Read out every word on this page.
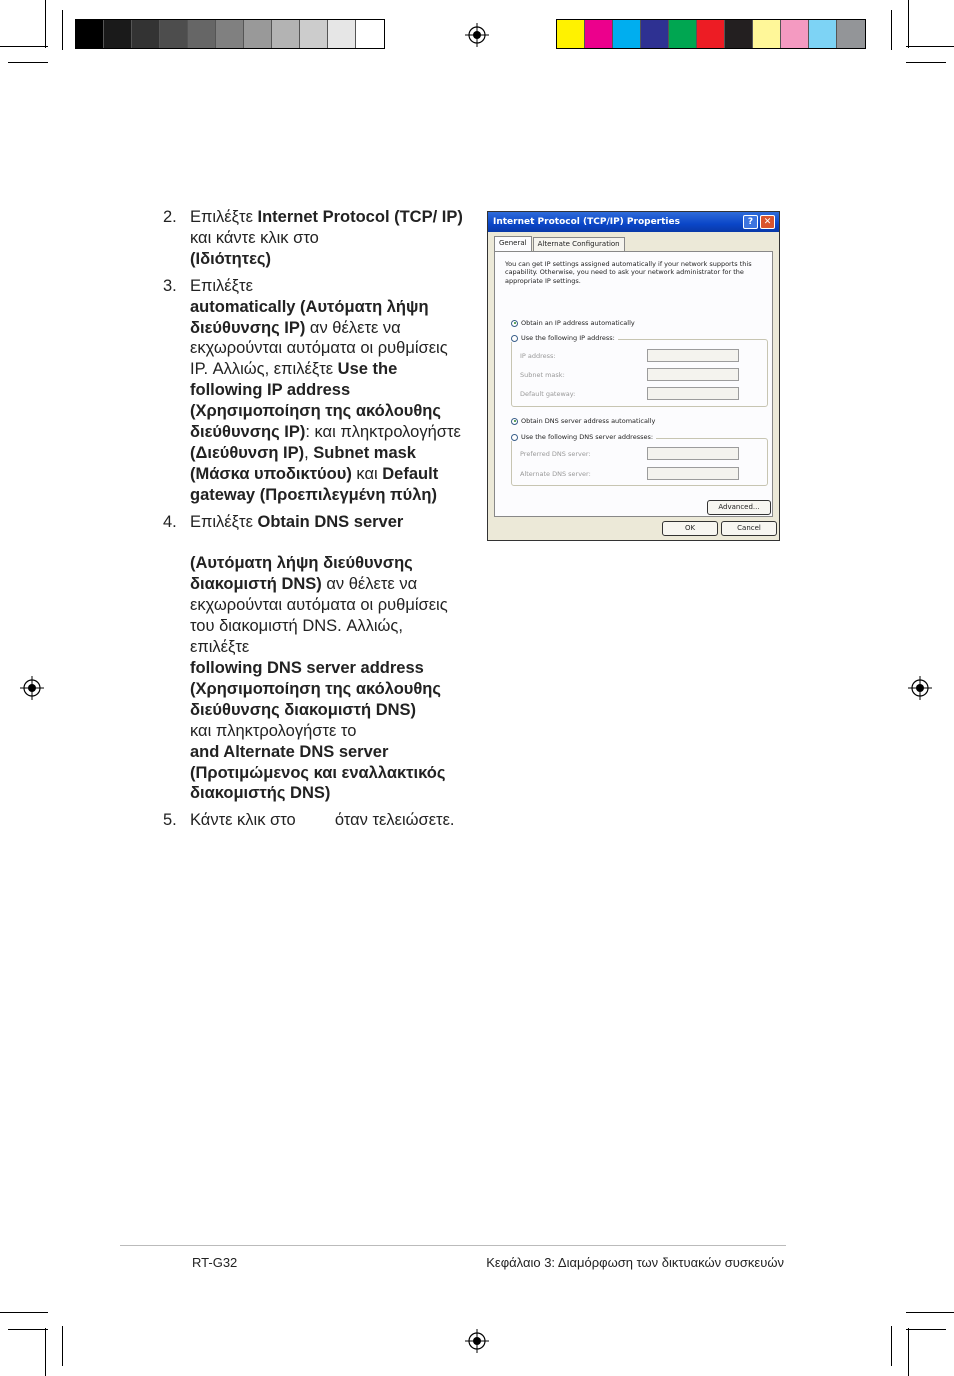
2. Επιλέξτε Internet Protocol (TCP/ IP) και κάντε κλικ στο
(Ιδιότητες)
3. Επιλέξτε
automatically (Αυτόματη λήψη διεύθυνσης IP) αν θέλετε να εκχωρούνται αυτόματα οι ρυθμίσεις IP. Αλλιώς, επιλέξτε Use the following IP address (Χρησιμοποίηση της ακόλουθης διεύθυνσης IP): και πληκτρολογήστε
(Διεύθυνση IP), Subnet mask (Μάσκα υποδικτύου) και Default gateway (Προεπιλεγμένη πύλη)
4. Επιλέξτε Obtain DNS server
(Αυτόματη λήψη διεύθυνσης διακομιστή DNS) αν θέλετε να εκχωρούνται αυτόματα οι ρυθμίσεις του διακομιστή DNS. Αλλιώς, επιλέξτε
following DNS server address (Χρησιμοποίηση της ακόλουθης διεύθυνσης διακομιστή DNS)
και πληκτρολογήστε το
and Alternate DNS server (Προτιμώμενος και εναλλακτικός διακομιστής DNS)
5. Κάντε κλικ στο όταν τελειώσετε.
Internet Protocol (TCP/IP) Properties	?	✕
General	Alternate Configuration
You can get IP settings assigned automatically if your network supports this capability. Otherwise, you need to ask your network administrator for the appropriate IP settings.
Obtain an IP address automatically
Use the following IP address:
IP address:
Subnet mask:
Default gateway:
Obtain DNS server address automatically
Use the following DNS server addresses:
Preferred DNS server:
Alternate DNS server:
Advanced...
OK	Cancel
RT-G32	Κεφάλαιο 3: Διαμόρφωση των δικτυακών συσκευών
